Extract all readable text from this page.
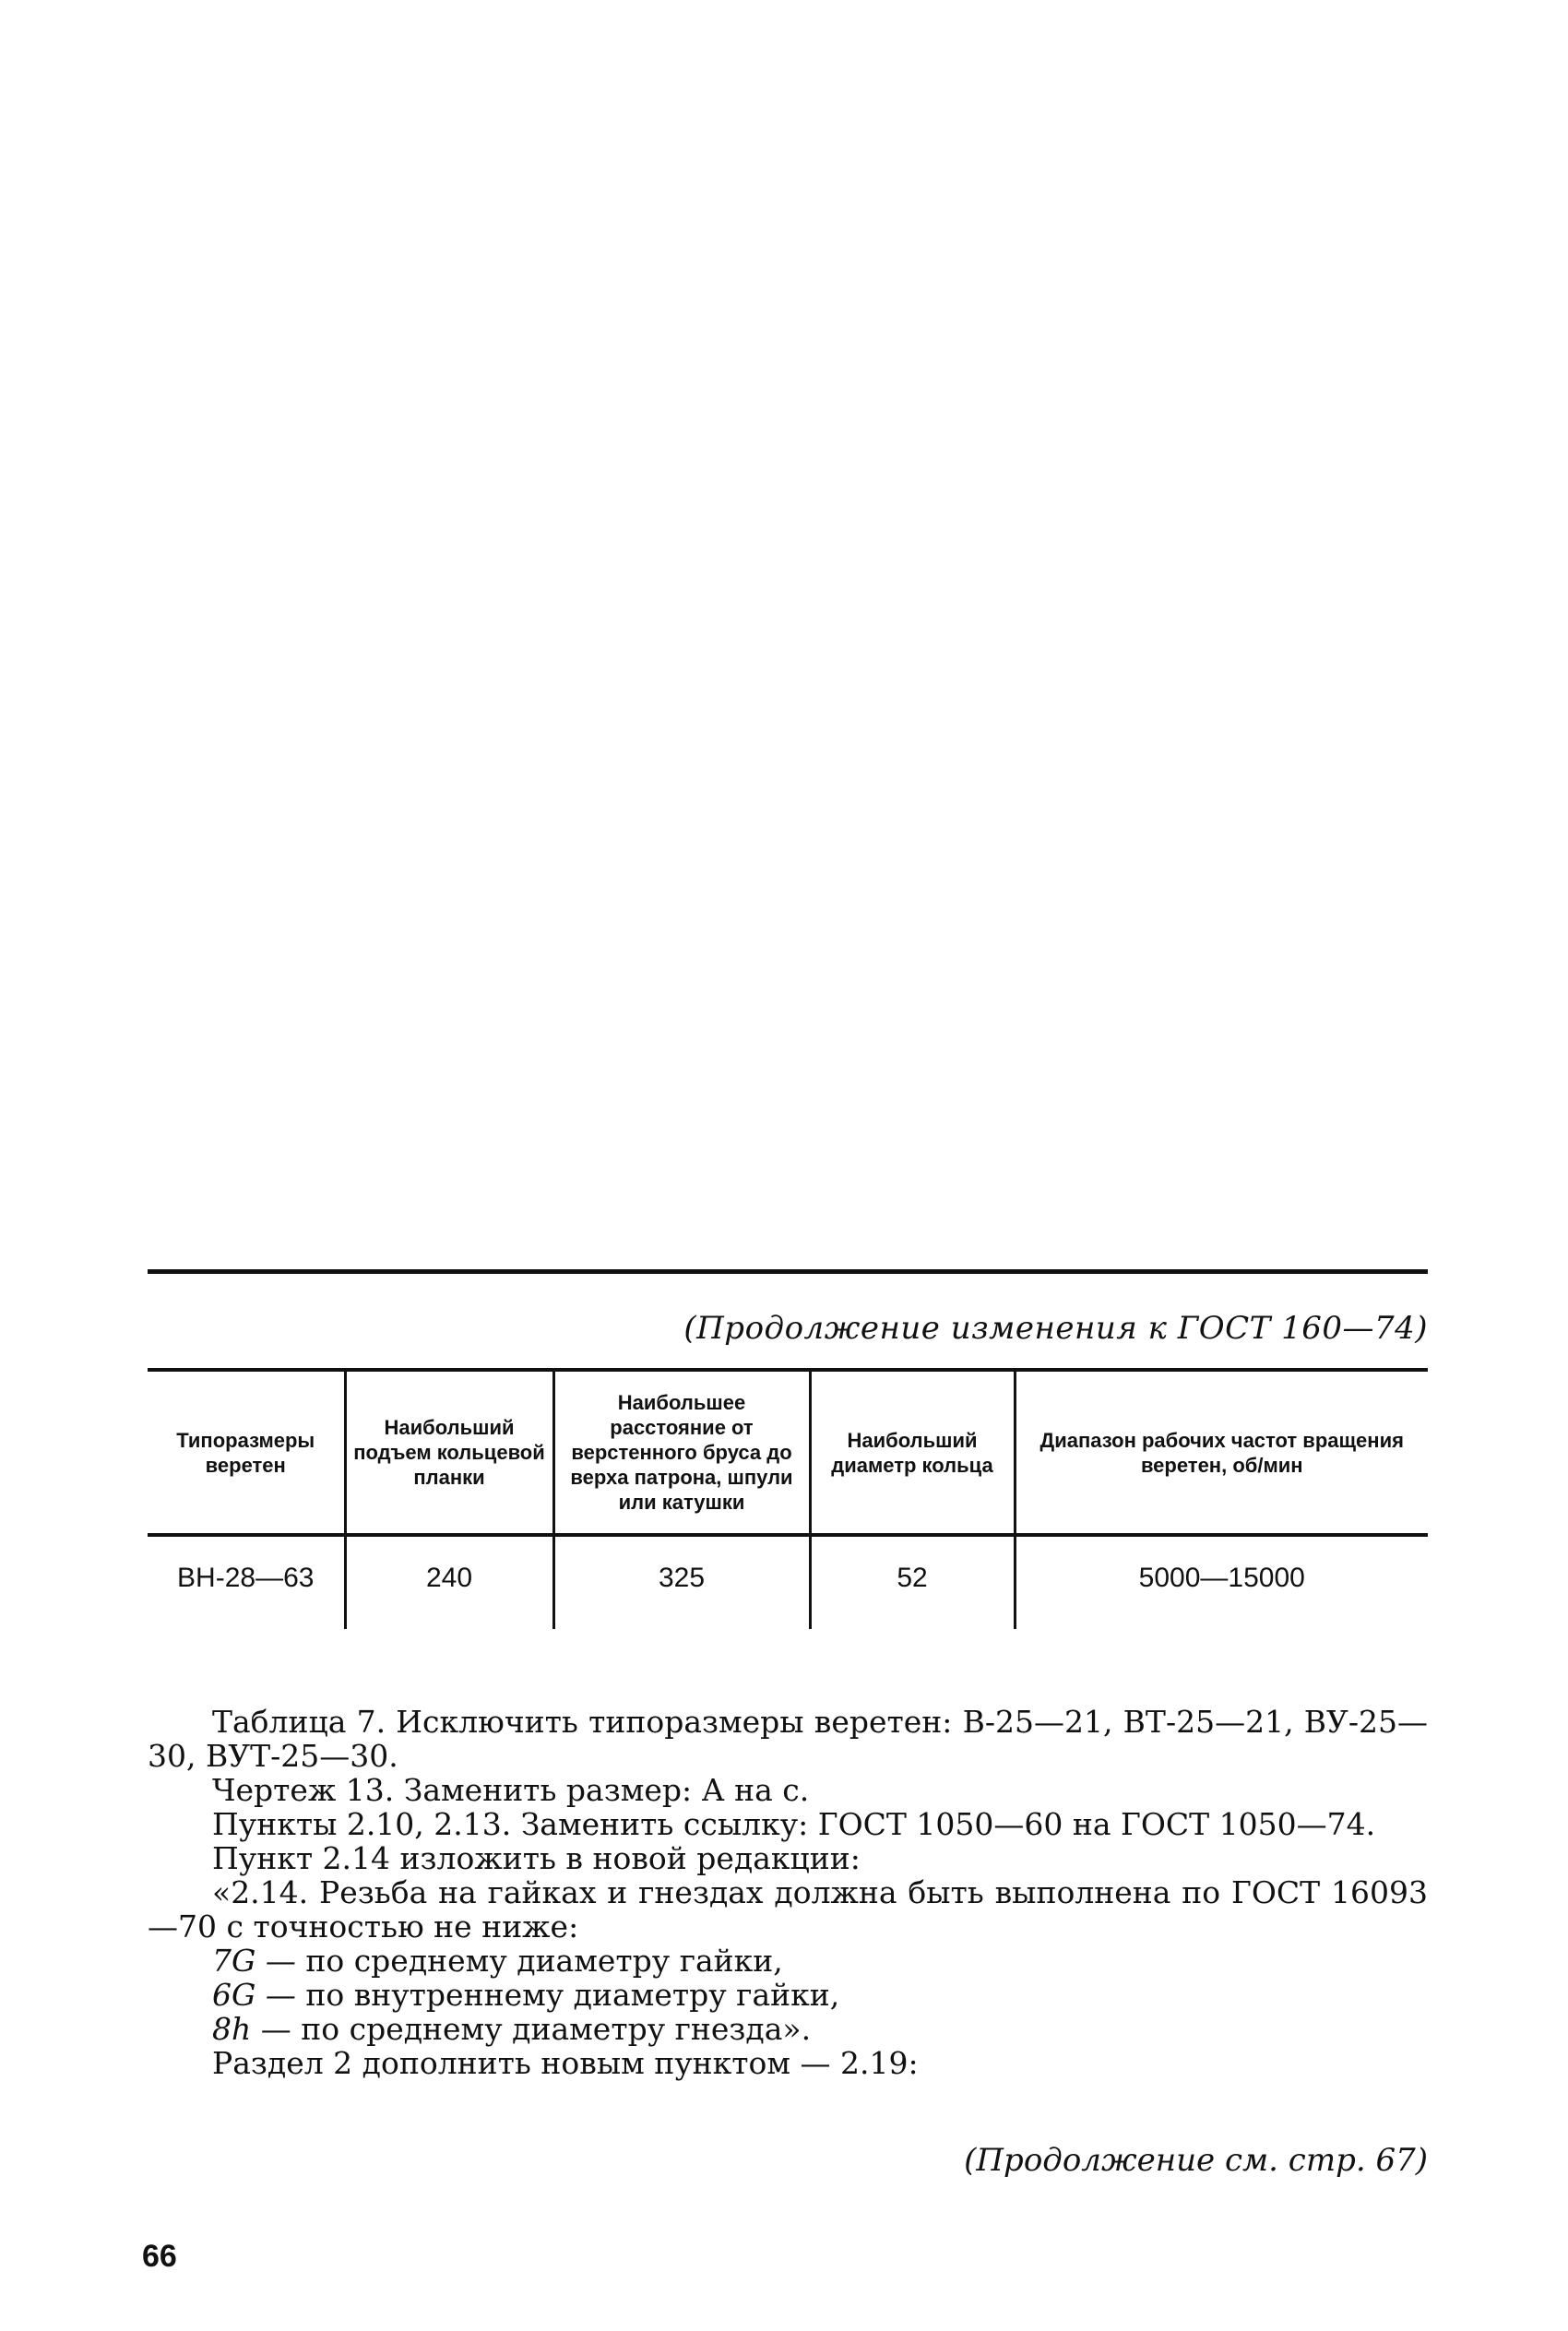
(Продолжение изменения к ГОСТ 160—74)
Типоразмеры веретен	Наибольший подъем кольцевой планки	Наибольшее расстояние от верстенного бруса до верха патрона, шпули или катушки	Наибольший диаметр кольца	Диапазон рабочих частот вращения веретен, об/мин
ВН-28—63	240	325	52	5000—15000

Таблица 7. Исключить типоразмеры веретен: В-25—21, ВТ-25—21, ВУ-25—30, ВУТ-25—30.

Чертеж 13. Заменить размер: А на с.

Пункты 2.10, 2.13. Заменить ссылку: ГОСТ 1050—60 на ГОСТ 1050—74.

Пункт 2.14 изложить в новой редакции:

«2.14. Резьба на гайках и гнездах должна быть выполнена по ГОСТ 16093—70 с точностью не ниже:

7G — по среднему диаметру гайки,

6G — по внутреннему диаметру гайки,

8h — по среднему диаметру гнезда».

Раздел 2 дополнить новым пунктом — 2.19:

(Продолжение см. стр. 67)
66
